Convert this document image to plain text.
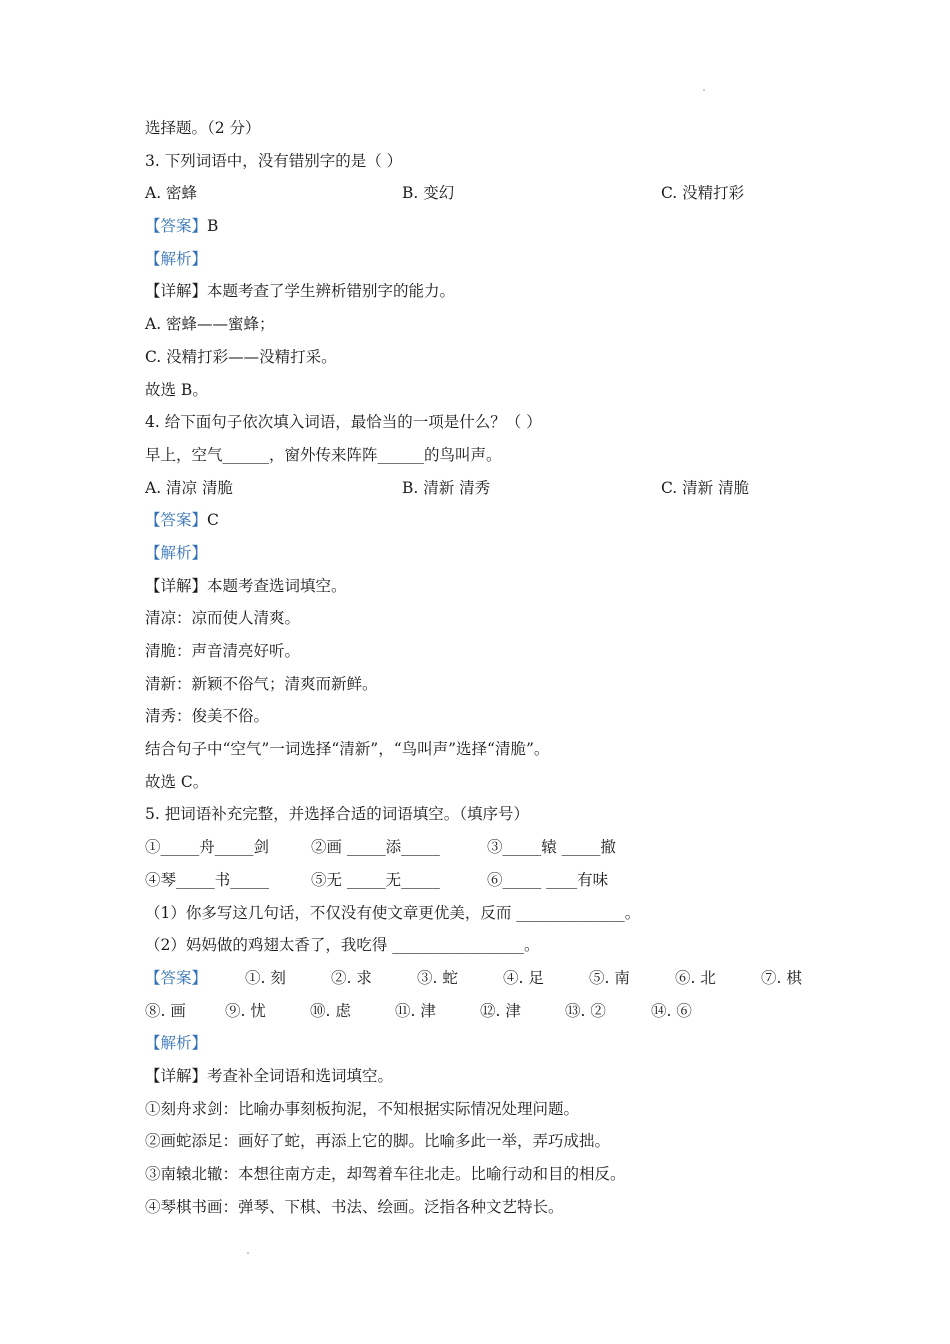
选择题。（2 分）
3. 下列词语中，没有错别字的是（ ）
A. 密蜂	B. 变幻	C. 没精打彩
【答案】B
【解析】
【详解】本题考查了学生辨析错别字的能力。
A. 密蜂——蜜蜂；
C. 没精打彩——没精打采。
故选 B。
4. 给下面句子依次填入词语，最恰当的一项是什么？（ ）
早上，空气______，窗外传来阵阵______的鸟叫声。
A. 清凉 清脆	B. 清新 清秀	C. 清新 清脆
【答案】C
【解析】
【详解】本题考查选词填空。
清凉：凉而使人清爽。
清脆：声音清亮好听。
清新：新颖不俗气；清爽而新鲜。
清秀：俊美不俗。
结合句子中“空气”一词选择“清新”，“鸟叫声”选择“清脆”。
故选 C。
5. 把词语补充完整，并选择合适的词语填空。（填序号）
①_____舟_____剑	②画 _____添_____	③_____辕 _____撤
④琴_____书_____	⑤无 _____无_____	⑥_____ ____有味
（1）你多写这几句话，不仅没有使文章更优美，反而 ______________。
（2）妈妈做的鸡翅太香了，我吃得 _________________。
【答案】 ①. 刻	②. 求	③. 蛇	④. 足	⑤. 南	⑥. 北	⑦. 棋
⑧. 画	⑨. 忧	⑩. 虑	⑪. 津	⑫. 津	⑬. ②	⑭. ⑥
【解析】
【详解】考查补全词语和选词填空。
①刻舟求剑：比喻办事刻板拘泥，不知根据实际情况处理问题。
②画蛇添足：画好了蛇，再添上它的脚。比喻多此一举，弄巧成拙。
③南辕北辙：本想往南方走，却驾着车往北走。比喻行动和目的相反。
④琴棋书画：弹琴、下棋、书法、绘画。泛指各种文艺特长。
